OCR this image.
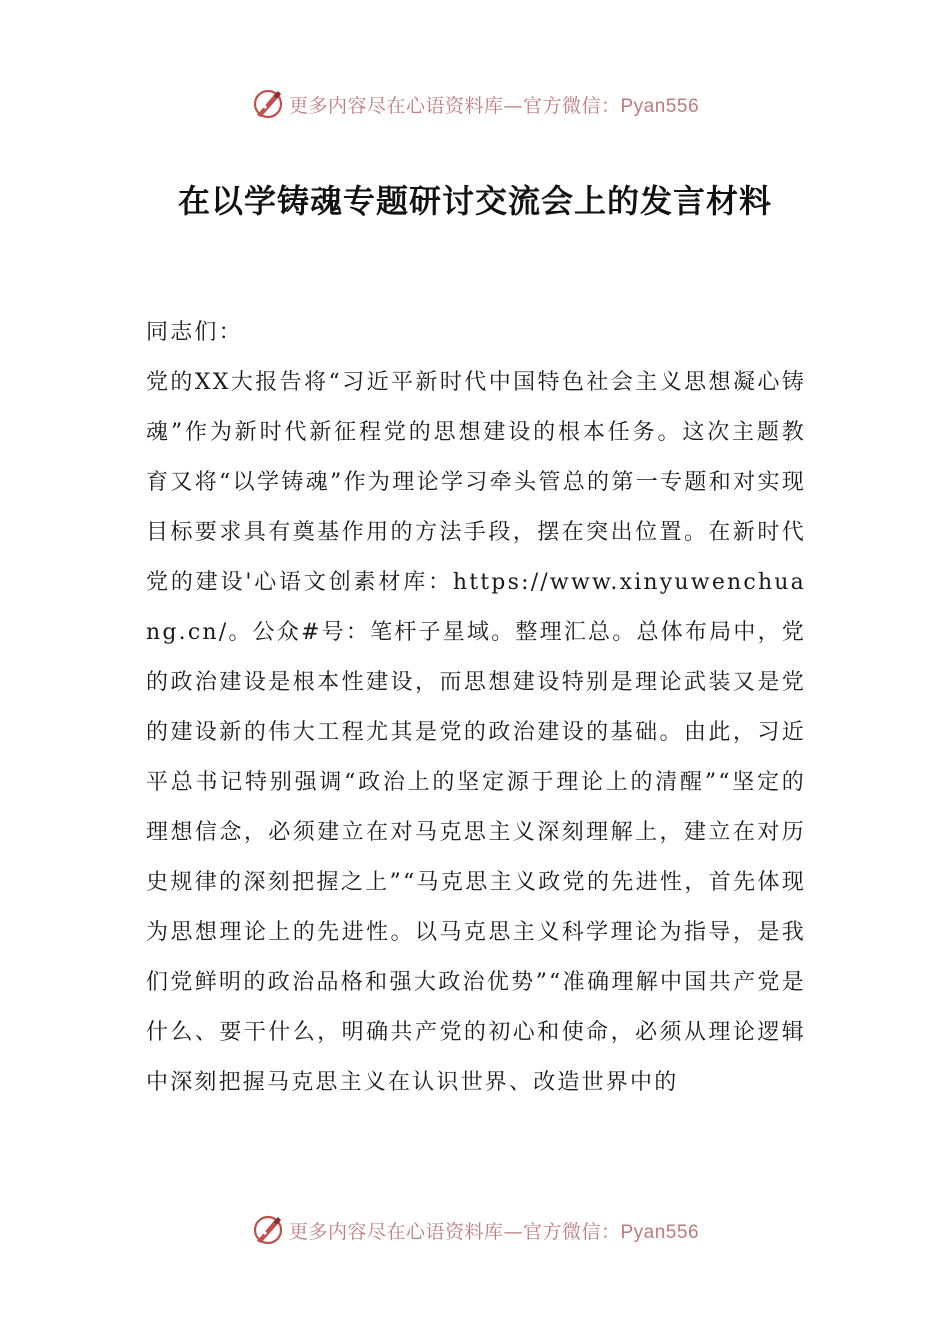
更多内容尽在心语资料库—官方微信：Pyan556
在以学铸魂专题研讨交流会上的发言材料

同志们：

党的XX大报告将“习近平新时代中国特色社会主义思想凝心铸魂”作为新时代新征程党的思想建设的根本任务。这次主题教育又将“以学铸魂”作为理论学习牵头管总的第一专题和对实现目标要求具有奠基作用的方法手段，摆在突出位置。在新时代党的建设'心语文创素材库：https://www.xinyuwenchuang.cn/。公众#号：笔杆子星域。整理汇总。总体布局中，党的政治建设是根本性建设，而思想建设特别是理论武装又是党的建设新的伟大工程尤其是党的政治建设的基础。由此，习近平总书记特别强调“政治上的坚定源于理论上的清醒”“坚定的理想信念，必须建立在对马克思主义深刻理解上，建立在对历史规律的深刻把握之上”“马克思主义政党的先进性，首先体现为思想理论上的先进性。以马克思主义科学理论为指导，是我们党鲜明的政治品格和强大政治优势”“准确理解中国共产党是什么、要干什么，明确共产党的初心和使命，必须从理论逻辑中深刻把握马克思主义在认识世界、改造世界中的

更多内容尽在心语资料库—官方微信：Pyan556
